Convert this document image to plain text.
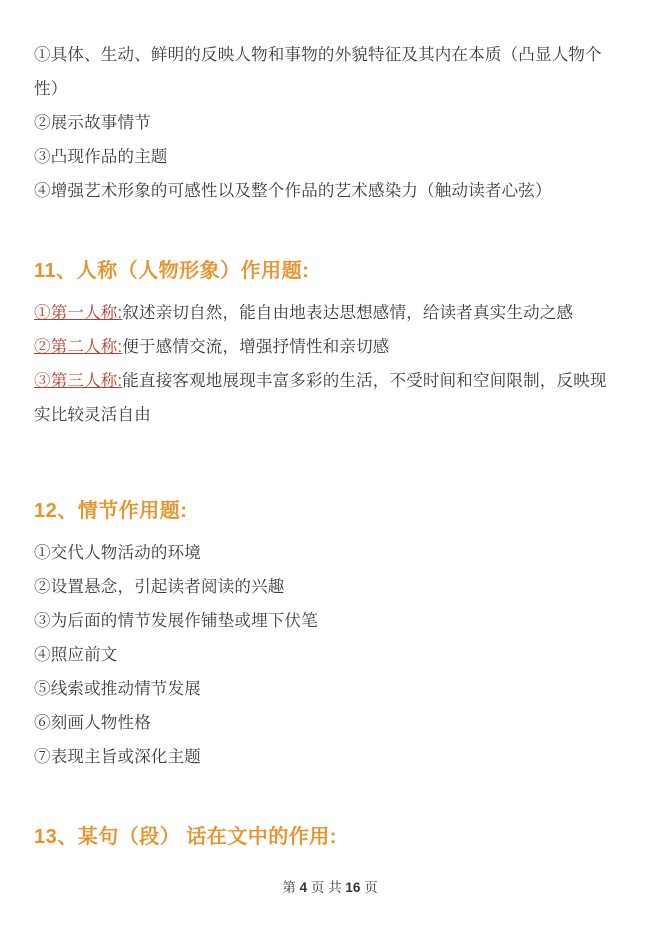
①具体、生动、鲜明的反映人物和事物的外貌特征及其内在本质（凸显人物个性）
②展示故事情节
③凸现作品的主题
④增强艺术形象的可感性以及整个作品的艺术感染力（触动读者心弦）
11、人称（人物形象）作用题:
①第一人称:叙述亲切自然，能自由地表达思想感情，给读者真实生动之感
②第二人称:便于感情交流，增强抒情性和亲切感
③第三人称:能直接客观地展现丰富多彩的生活，不受时间和空间限制，反映现实比较灵活自由
12、情节作用题:
①交代人物活动的环境
②设置悬念，引起读者阅读的兴趣
③为后面的情节发展作铺垫或埋下伏笔
④照应前文
⑤线索或推动情节发展
⑥刻画人物性格
⑦表现主旨或深化主题
13、某句（段） 话在文中的作用:
第 4 页 共 16 页
